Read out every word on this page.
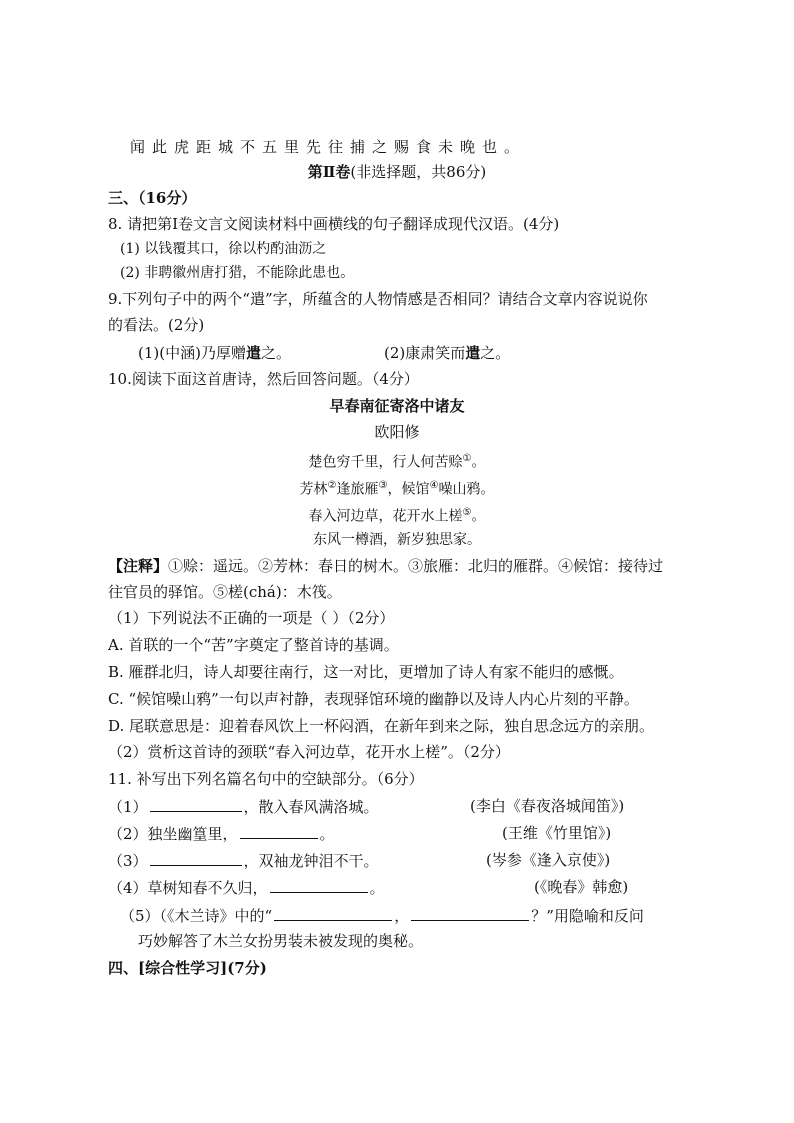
闻此虎距城不五里先往捕之赐食未晚也。
第Ⅱ卷(非选择题，共86分)
三、（16分）
8. 请把第Ⅰ卷文言文阅读材料中画横线的句子翻译成现代汉语。(4分)
(1) 以钱覆其口，徐以杓酌油沥之
(2) 非聘徽州唐打猎，不能除此患也。
9.下列句子中的两个“遣”字，所蕴含的人物情感是否相同？请结合文章内容说说你
的看法。(2分)
(1)(中涵)乃厚赠遣之。	(2)康肃笑而遣之。
10.阅读下面这首唐诗，然后回答问题。（4分）
早春南征寄洛中诸友
欧阳修
楚色穷千里，行人何苦赊①。
芳林②逢旅雁③，候馆④噪山鸦。
春入河边草，花开水上槎⑤。
东风一樽酒，新岁独思家。
【注释】①赊：遥远。②芳林：春日的树木。③旅雁：北归的雁群。④候馆：接待过
往官员的驿馆。⑤槎(chá)：木筏。
（1）下列说法不正确的一项是（ ）（2分）
A. 首联的一个“苦”字奠定了整首诗的基调。
B. 雁群北归，诗人却要往南行，这一对比，更增加了诗人有家不能归的感慨。
C. “候馆噪山鸦”一句以声衬静，表现驿馆环境的幽静以及诗人内心片刻的平静。
D. 尾联意思是：迎着春风饮上一杯闷酒，在新年到来之际，独自思念远方的亲朋。
（2）赏析这首诗的颈联“春入河边草，花开水上槎”。（2分）
11. 补写出下列名篇名句中的空缺部分。（6分）
（1）	，散入春风满洛城。	(李白《春夜洛城闻笛》)
（2）独坐幽篁里，	。	(王维《竹里馆》)
（3）	，双袖龙钟泪不干。	(岑参《逢入京使》)
（4）草树知春不久归，	。	(《晚春》韩愈)
（5）（《木兰诗》中的“	，	？”用隐喻和反问
巧妙解答了木兰女扮男装未被发现的奥秘。
四、[综合性学习](7分)
